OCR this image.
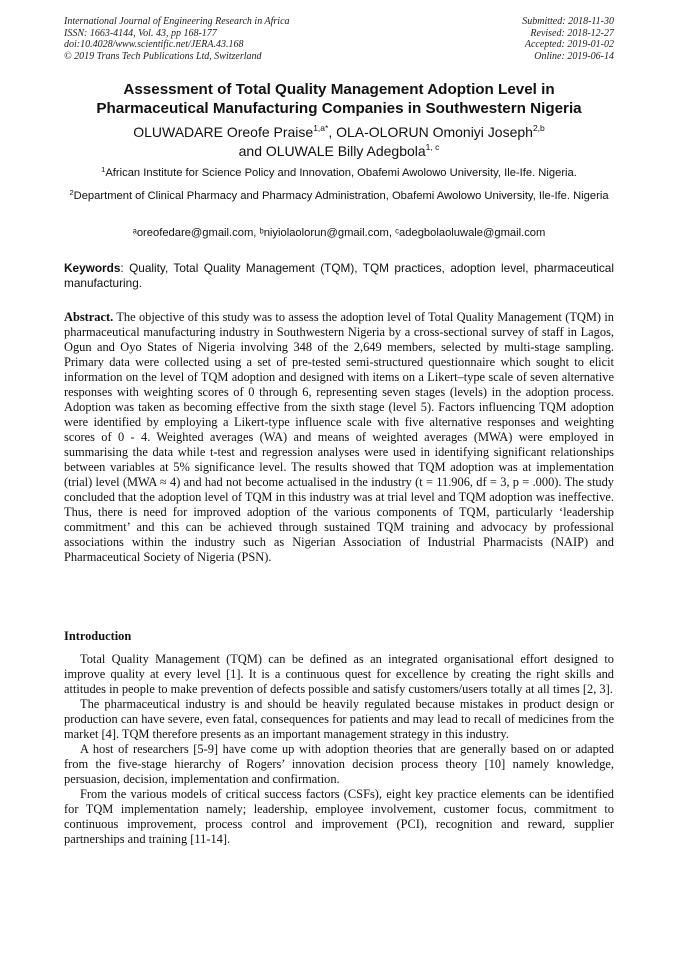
International Journal of Engineering Research in Africa
ISSN: 1663-4144, Vol. 43, pp 168-177
doi:10.4028/www.scientific.net/JERA.43.168
© 2019 Trans Tech Publications Ltd, Switzerland
Submitted: 2018-11-30
Revised: 2018-12-27
Accepted: 2019-01-02
Online: 2019-06-14
Assessment of Total Quality Management Adoption Level in
Pharmaceutical Manufacturing Companies in Southwestern Nigeria
OLUWADARE Oreofe Praise$^{1,a*}$, OLA-OLORUN Omoniyi Joseph$^{2,b}$
and OLUWALE Billy Adegbola$^{1, c}$
$^1$African Institute for Science Policy and Innovation, Obafemi Awolowo University, Ile-Ife. Nigeria.
$^2$Department of Clinical Pharmacy and Pharmacy Administration, Obafemi Awolowo University, Ile-Ife. Nigeria
ᵃoreofedare@gmail.com, ᵇniyiolaolorun@gmail.com, ᶜadegbolaoluwale@gmail.com
Keywords: Quality, Total Quality Management (TQM), TQM practices, adoption level, pharmaceutical manufacturing.
Abstract. The objective of this study was to assess the adoption level of Total Quality Management (TQM) in pharmaceutical manufacturing industry in Southwestern Nigeria by a cross-sectional survey of staff in Lagos, Ogun and Oyo States of Nigeria involving 348 of the 2,649 members, selected by multi-stage sampling. Primary data were collected using a set of pre-tested semi-structured questionnaire which sought to elicit information on the level of TQM adoption and designed with items on a Likert–type scale of seven alternative responses with weighting scores of 0 through 6, representing seven stages (levels) in the adoption process. Adoption was taken as becoming effective from the sixth stage (level 5). Factors influencing TQM adoption were identified by employing a Likert-type influence scale with five alternative responses and weighting scores of 0 - 4. Weighted averages (WA) and means of weighted averages (MWA) were employed in summarising the data while t-test and regression analyses were used in identifying significant relationships between variables at 5% significance level. The results showed that TQM adoption was at implementation (trial) level (MWA ≈ 4) and had not become actualised in the industry (t = 11.906, df = 3, p = .000). The study concluded that the adoption level of TQM in this industry was at trial level and TQM adoption was ineffective. Thus, there is need for improved adoption of the various components of TQM, particularly ‘leadership commitment’ and this can be achieved through sustained TQM training and advocacy by professional associations within the industry such as Nigerian Association of Industrial Pharmacists (NAIP) and Pharmaceutical Society of Nigeria (PSN).
Introduction

Total Quality Management (TQM) can be defined as an integrated organisational effort designed to improve quality at every level [1]. It is a continuous quest for excellence by creating the right skills and attitudes in people to make prevention of defects possible and satisfy customers/users totally at all times [2, 3].

The pharmaceutical industry is and should be heavily regulated because mistakes in product design or production can have severe, even fatal, consequences for patients and may lead to recall of medicines from the market [4]. TQM therefore presents as an important management strategy in this industry.

A host of researchers [5-9] have come up with adoption theories that are generally based on or adapted from the five-stage hierarchy of Rogers’ innovation decision process theory [10] namely knowledge, persuasion, decision, implementation and confirmation.

From the various models of critical success factors (CSFs), eight key practice elements can be identified for TQM implementation namely; leadership, employee involvement, customer focus, commitment to continuous improvement, process control and improvement (PCI), recognition and reward, supplier partnerships and training [11-14].
